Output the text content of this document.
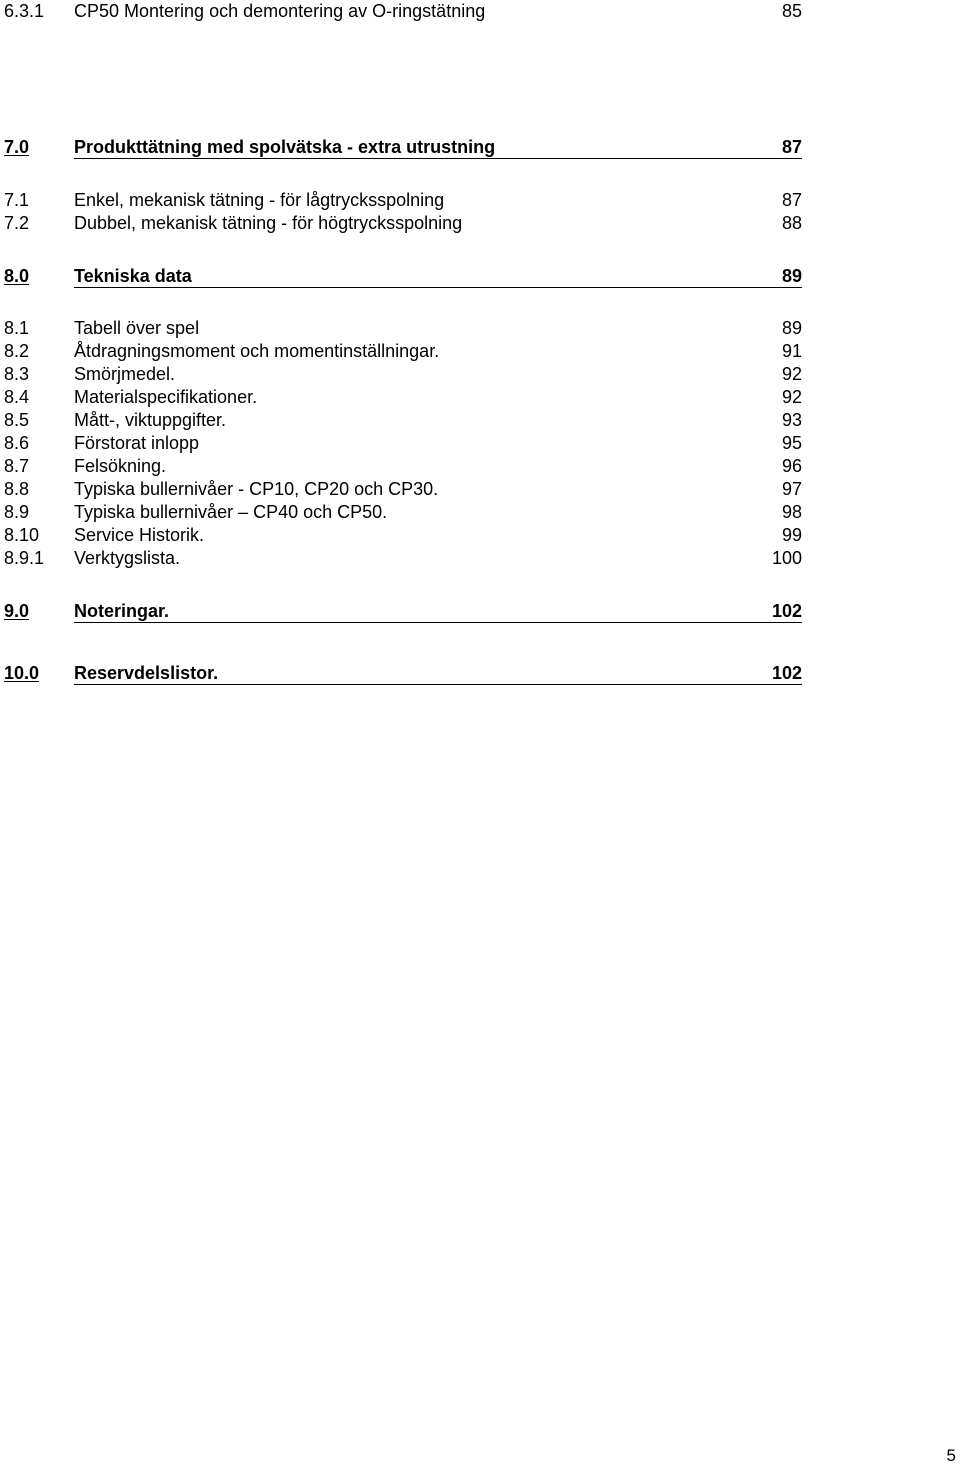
6.3.1 CP50 Montering och demontering av O-ringstätning	85
7.0 Produkttätning med spolvätska - extra utrustning	87
7.1 Enkel, mekanisk tätning - för lågtrycksspolning	87
7.2 Dubbel, mekanisk tätning - för högtrycksspolning	88
8.0 Tekniska data	89
8.1 Tabell över spel	89
8.2 Åtdragningsmoment och momentinställningar.	91
8.3 Smörjmedel.	92
8.4 Materialspecifikationer.	92
8.5 Mått-, viktuppgifter.	93
8.6 Förstorat inlopp	95
8.7 Felsökning.	96
8.8 Typiska bullernivåer - CP10, CP20 och CP30.	97
8.9 Typiska bullernivåer – CP40 och CP50.	98
8.10 Service Historik.	99
8.9.1 Verktygslista.	100
9.0 Noteringar.	102
10.0 Reservdelslistor.	102
5
